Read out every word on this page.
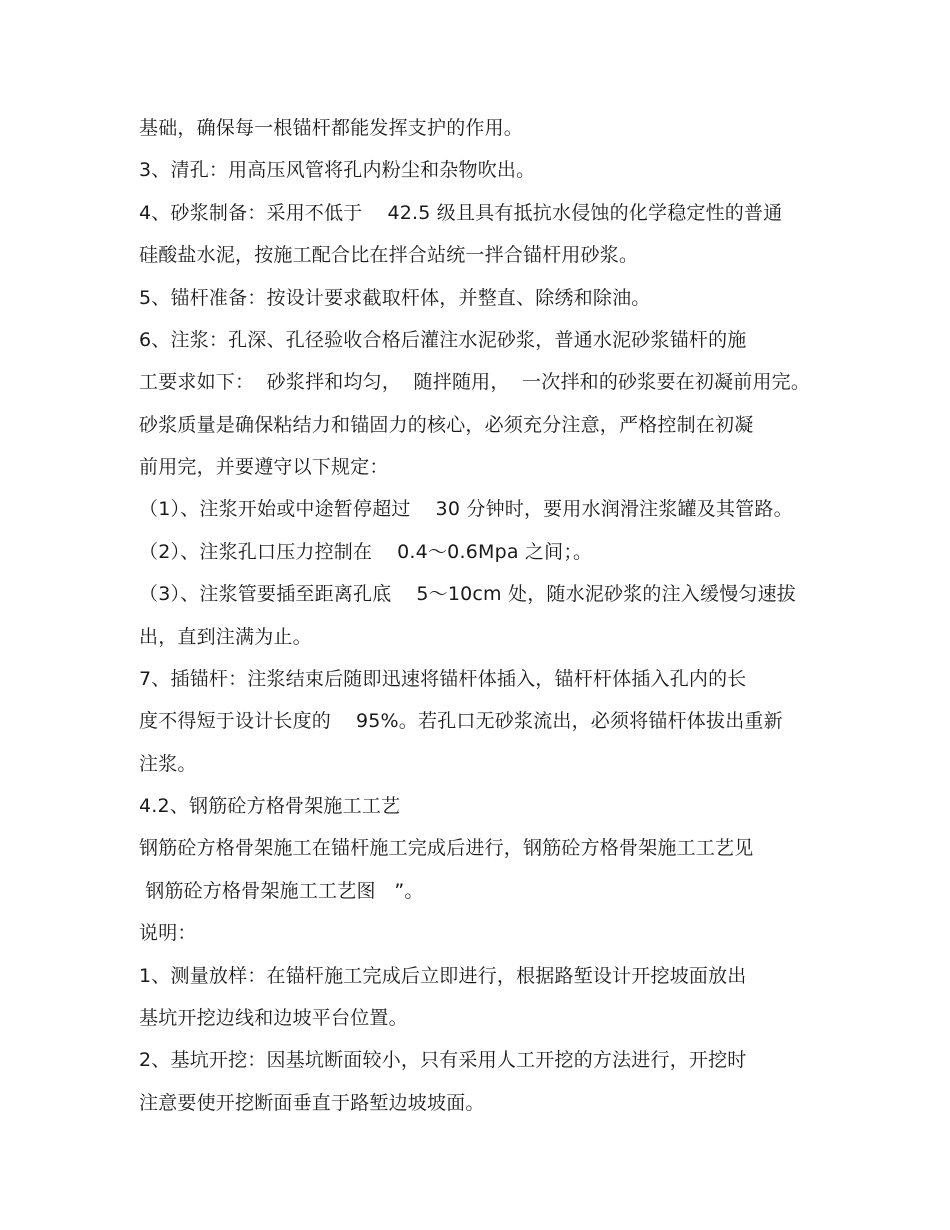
基础，确保每一根锚杆都能发挥支护的作用。
3、清孔：用高压风管将孔内粉尘和杂物吹出。
4、砂浆制备：采用不低于    42.5 级且具有抵抗水侵蚀的化学稳定性的普通
硅酸盐水泥，按施工配合比在拌合站统一拌合锚杆用砂浆。
5、锚杆准备：按设计要求截取杆体，并整直、除绣和除油。
6、注浆：孔深、孔径验收合格后灌注水泥砂浆，普通水泥砂浆锚杆的施
工要求如下：  砂浆拌和均匀，  随拌随用，  一次拌和的砂浆要在初凝前用完。
砂浆质量是确保粘结力和锚固力的核心，必须充分注意，严格控制在初凝
前用完，并要遵守以下规定：
（1）、注浆开始或中途暂停超过    30 分钟时，要用水润滑注浆罐及其管路。
（2）、注浆孔口压力控制在    0.4～0.6Mpa 之间；。
（3）、注浆管要插至距离孔底    5～10cm 处，随水泥砂浆的注入缓慢匀速拔
出，直到注满为止。
7、插锚杆：注浆结束后随即迅速将锚杆体插入，锚杆杆体插入孔内的长
度不得短于设计长度的    95%。若孔口无砂浆流出，必须将锚杆体拔出重新
注浆。
4.2、钢筋砼方格骨架施工工艺
钢筋砼方格骨架施工在锚杆施工完成后进行，钢筋砼方格骨架施工工艺见
钢筋砼方格骨架施工工艺图   ”。
说明：
1、测量放样：在锚杆施工完成后立即进行，根据路堑设计开挖坡面放出
基坑开挖边线和边坡平台位置。
2、基坑开挖：因基坑断面较小，只有采用人工开挖的方法进行，开挖时
注意要使开挖断面垂直于路堑边坡坡面。
